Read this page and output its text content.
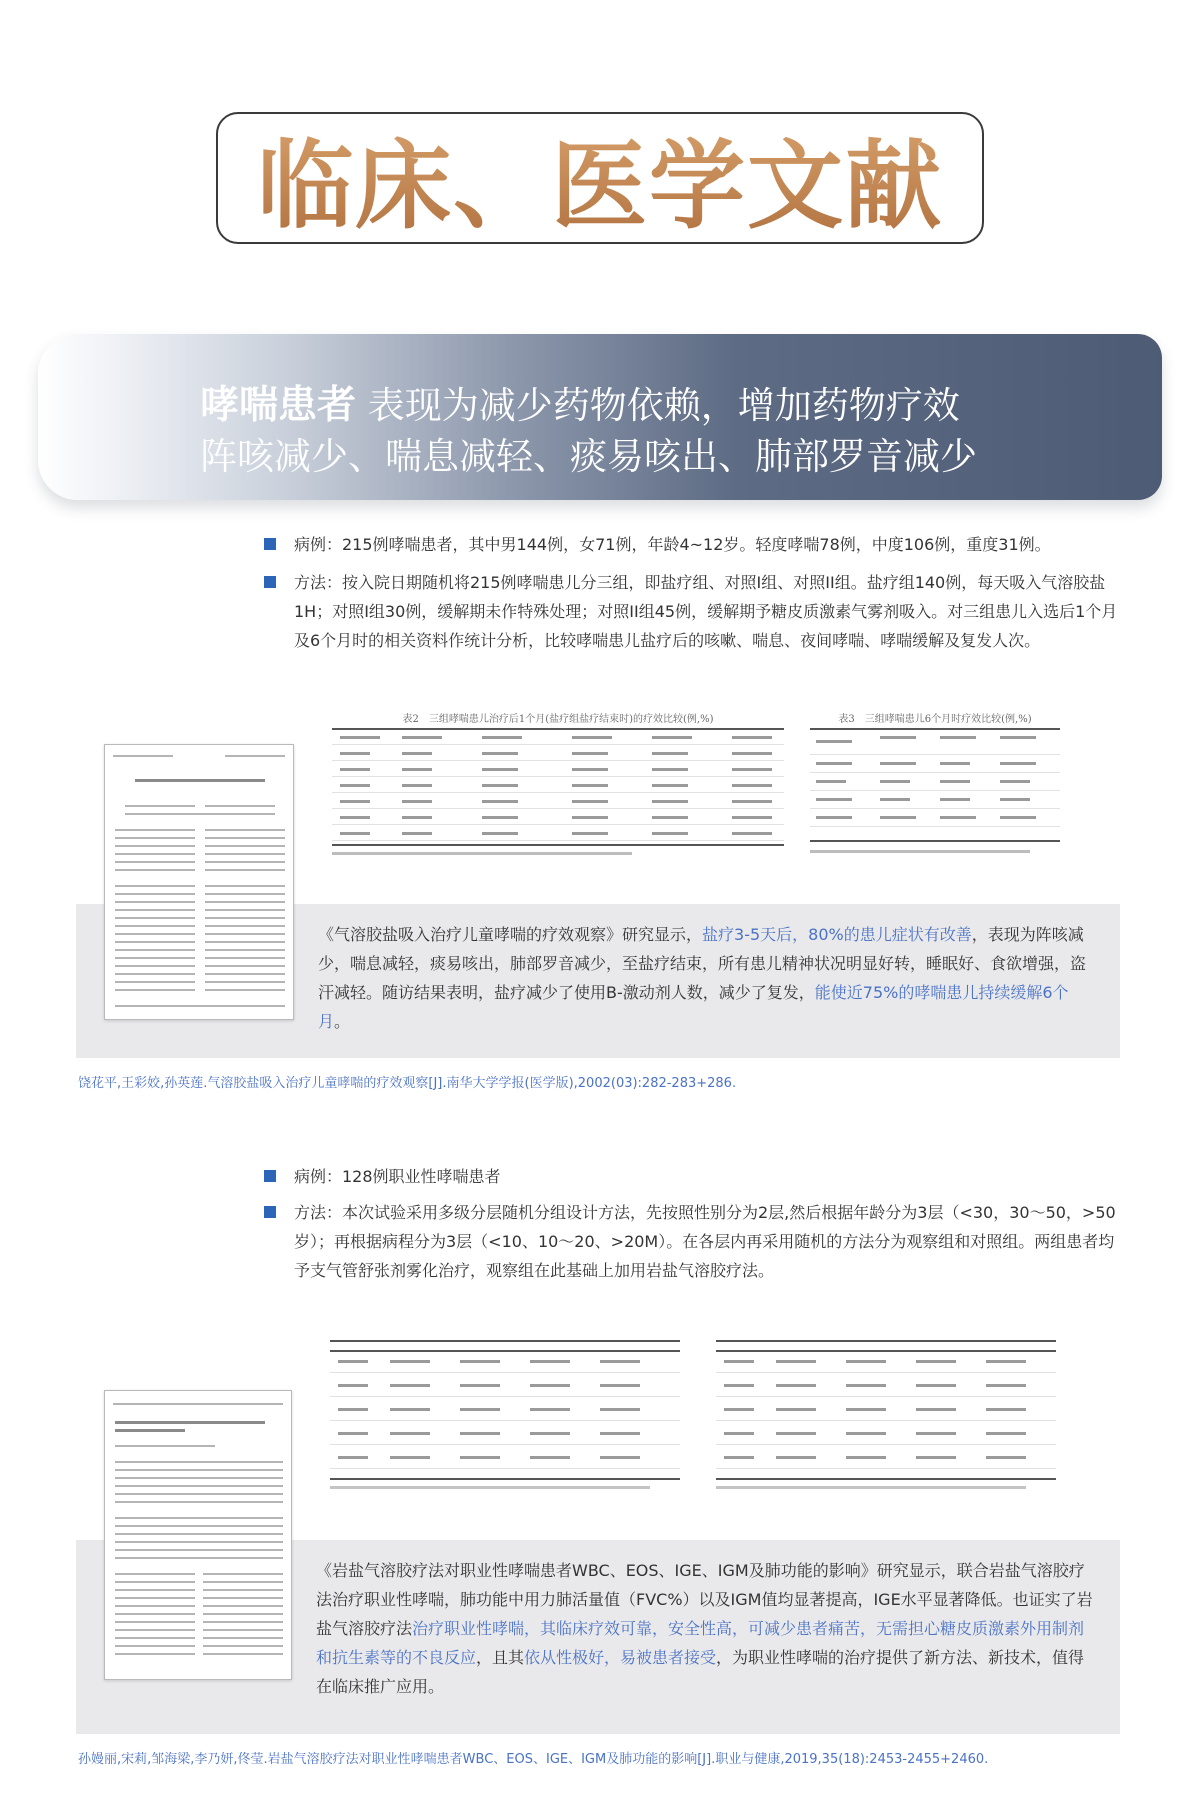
临床、医学文献
哮喘患者 表现为减少药物依赖，增加药物疗效
阵咳减少、喘息减轻、痰易咳出、肺部罗音减少
病例：215例哮喘患者，其中男144例，女71例，年龄4~12岁。轻度哮喘78例，中度106例，重度31例。
方法：按入院日期随机将215例哮喘患儿分三组，即盐疗组、对照I组、对照II组。盐疗组140例，每天吸入气溶胶盐1H；对照I组30例，缓解期未作特殊处理；对照II组45例，缓解期予糖皮质激素气雾剂吸入。对三组患儿入选后1个月及6个月时的相关资料作统计分析，比较哮喘患儿盐疗后的咳嗽、喘息、夜间哮喘、哮喘缓解及复发人次。
表2　三组哮喘患儿治疗后1个月(盐疗组盐疗结束时)的疗效比较(例,%)	表3　三组哮喘患儿6个月时疗效比较(例,%)
《气溶胶盐吸入治疗儿童哮喘的疗效观察》研究显示，盐疗3-5天后，80%的患儿症状有改善，表现为阵咳减少，喘息减轻，痰易咳出，肺部罗音减少，至盐疗结束，所有患儿精神状况明显好转，睡眠好、食欲增强，盗汗减轻。随访结果表明，盐疗减少了使用B-激动剂人数，减少了复发，能使近75%的哮喘患儿持续缓解6个月。
饶花平,王彩姣,孙英莲.气溶胶盐吸入治疗儿童哮喘的疗效观察[J].南华大学学报(医学版),2002(03):282-283+286.
病例：128例职业性哮喘患者
方法：本次试验采用多级分层随机分组设计方法，先按照性别分为2层,然后根据年龄分为3层（<30，30～50，>50岁）；再根据病程分为3层（<10、10～20、>20M）。在各层内再采用随机的方法分为观察组和对照组。两组患者均予支气管舒张剂雾化治疗，观察组在此基础上加用岩盐气溶胶疗法。
《岩盐气溶胶疗法对职业性哮喘患者WBC、EOS、IGE、IGM及肺功能的影响》研究显示，联合岩盐气溶胶疗法治疗职业性哮喘，肺功能中用力肺活量值（FVC%）以及IGM值均显著提高，IGE水平显著降低。也证实了岩盐气溶胶疗法治疗职业性哮喘，其临床疗效可靠，安全性高，可减少患者痛苦，无需担心糖皮质激素外用制剂和抗生素等的不良反应，且其依从性极好，易被患者接受，为职业性哮喘的治疗提供了新方法、新技术，值得在临床推广应用。
孙嫚丽,宋莉,邹海梁,李乃妍,佟莹.岩盐气溶胶疗法对职业性哮喘患者WBC、EOS、IGE、IGM及肺功能的影响[J].职业与健康,2019,35(18):2453-2455+2460.
